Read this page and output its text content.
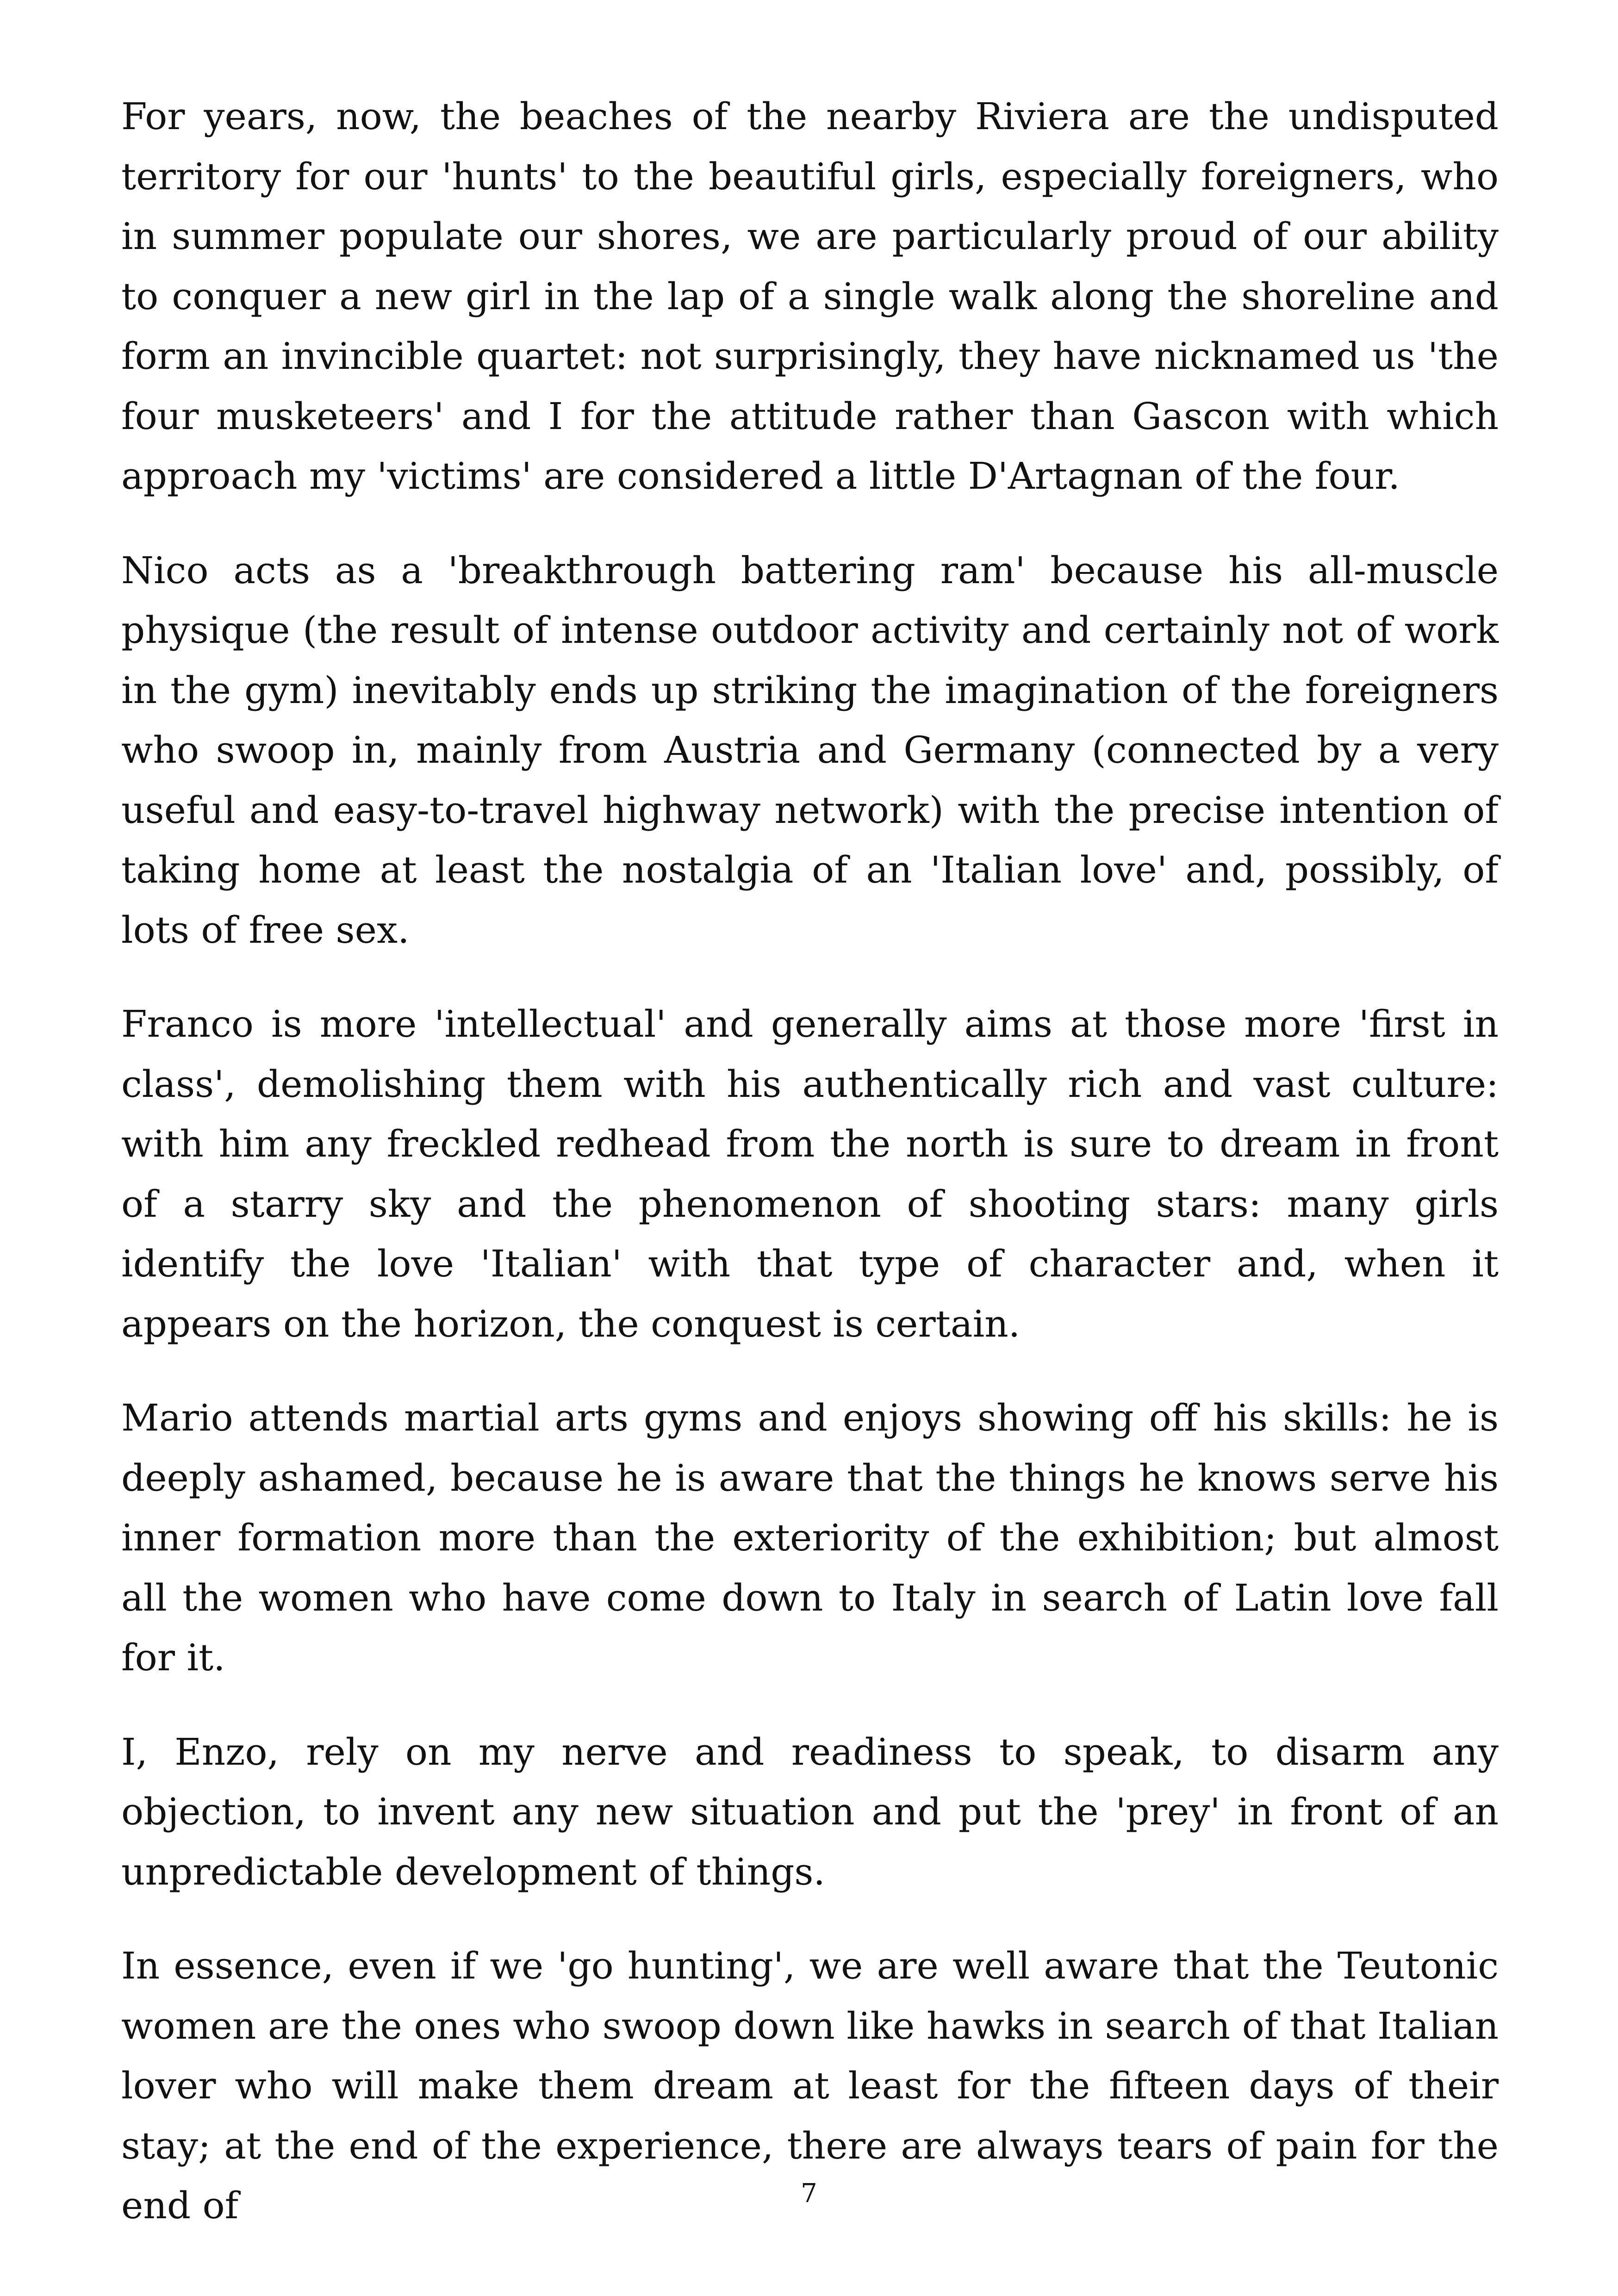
For years, now, the beaches of the nearby Riviera are the undisputed territory for our 'hunts' to the beautiful girls, especially foreigners, who in summer populate our shores, we are particularly proud of our ability to conquer a new girl in the lap of a single walk along the shoreline and form an invincible quartet: not surprisingly, they have nicknamed us 'the four musketeers' and I for the attitude rather than Gascon with which approach my 'victims' are considered a little D'Artagnan of the four.

Nico acts as a 'breakthrough battering ram' because his all-muscle physique (the result of intense outdoor activity and certainly not of work in the gym) inevitably ends up striking the imagination of the foreigners who swoop in, mainly from Austria and Germany (connected by a very useful and easy-to-travel highway network) with the precise intention of taking home at least the nostalgia of an 'Italian love' and, possibly, of lots of free sex.

Franco is more 'intellectual' and generally aims at those more 'first in class', demolishing them with his authentically rich and vast culture: with him any freckled redhead from the north is sure to dream in front of a starry sky and the phenomenon of shooting stars: many girls identify the love 'Italian' with that type of character and, when it appears on the horizon, the conquest is certain.

Mario attends martial arts gyms and enjoys showing off his skills: he is deeply ashamed, because he is aware that the things he knows serve his inner formation more than the exteriority of the exhibition; but almost all the women who have come down to Italy in search of Latin love fall for it.

I, Enzo, rely on my nerve and readiness to speak, to disarm any objection, to invent any new situation and put the 'prey' in front of an unpredictable development of things.

In essence, even if we 'go hunting', we are well aware that the Teutonic women are the ones who swoop down like hawks in search of that Italian lover who will make them dream at least for the fifteen days of their stay; at the end of the experience, there are always tears of pain for the end of	7
